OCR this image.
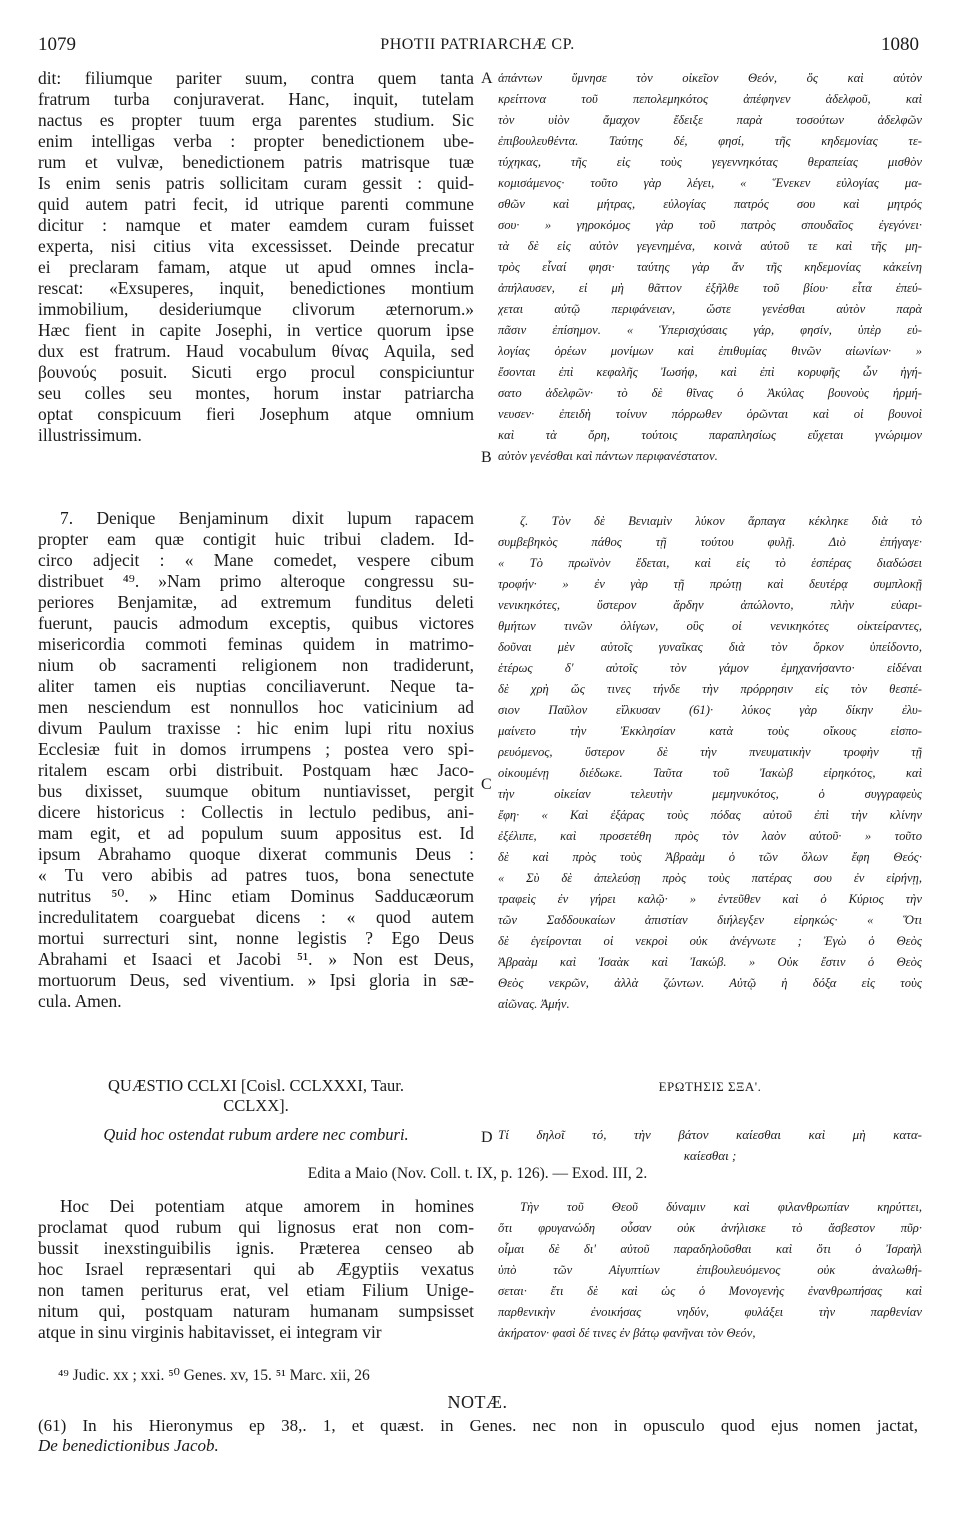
1079	PHOTII PATRIARCHÆ CP.	1080
dit: filiumque pariter suum, contra quem tanta
fratrum turba conjuraverat. Hanc, inquit, tutelam
nactus es propter tuum erga parentes studium. Sic
enim intelligas verba : propter benedictionem ube-
rum et vulvæ, benedictionem patris matrisque tuæ
Is enim senis patris sollicitam curam gessit : quid-
quid autem patri fecit, id utrique parenti commune
dicitur : namque et mater eamdem curam fuisset
experta, nisi citius vita excessisset. Deinde precatur
ei preclaram famam, atque ut apud omnes incla-
rescat: «Exsuperes, inquit, benedictiones montium
immobilium, desideriumque clivorum æternorum.»
Hæc fient in capite Josephi, in vertice quorum ipse
dux est fratrum. Haud vocabulum θίνας Aquila, sed
βουνούς posuit. Sicuti ergo procul conspiciuntur
seu colles seu montes, horum instar patriarcha
optat conspicuum fieri Josephum atque omnium
illustrissimum.
ἁπάντων ὕμνησε τὸν οἰκεῖον Θεόν, ὅς καὶ αὐτὸν
κρείττονα τοῦ πεπολεμηκότος ἀπέφηνεν ἀδελφοῦ, καὶ
τὸν υἱὸν ἄμαχον ἔδειξε παρὰ τοσούτων ἀδελφῶν
ἐπιβουλευθέντα. Ταύτης δέ, φησί, τῆς κηδεμονίας τε-
τύχηκας, τῆς εἰς τοὺς γεγεννηκότας θεραπείας μισθὸν
κομισάμενος· τοῦτο γὰρ λέγει, « Ἕνεκεν εὐλογίας μα-
σθῶν καὶ μήτρας, εὐλογίας πατρός σου καὶ μητρός
σου· » γηροκόμος γὰρ τοῦ πατρὸς σπουδαῖος ἐγεγόνει·
τὰ δὲ εἰς αὐτὸν γεγενημένα, κοινὰ αὐτοῦ τε καὶ τῆς μη-
τρὸς εἶναί φησι· ταύτης γὰρ ἄν τῆς κηδεμονίας κἀκείνη
ἀπήλαυσεν, εἰ μὴ θᾶττον ἐξῆλθε τοῦ βίου· εἶτα ἐπεύ-
χεται αὐτῷ περιφάνειαν, ὥστε γενέσθαι αὐτὸν παρὰ
πᾶσιν ἐπίσημον. « Ὑπερισχύσαις γάρ, φησίν, ὑπὲρ εὐ-
λογίας ὀρέων μονίμων καὶ ἐπιθυμίας θινῶν αἰωνίων· »
ἔσονται ἐπὶ κεφαλῆς Ἰωσήφ, καὶ ἐπὶ κορυφῆς ὧν ἡγή-
σατο ἀδελφῶν· τὸ δὲ θῖνας ὁ Ἀκύλας βουνοὺς ἡρμή-
νευσεν· ἐπειδὴ τοίνυν πόρρωθεν ὁρῶνται καὶ οἱ βουνοὶ
καὶ τὰ ὄρη, τούτοις παραπλησίως εὔχεται γνώριμον
αὐτὸν γενέσθαι καὶ πάντων περιφανέστατον.
7. Denique Benjaminum dixit lupum rapacem
propter eam quæ contigit huic tribui cladem. Id-
circo adjecit : « Mane comedet, vespere cibum
distribuet ⁴⁹. »Nam primo alteroque congressu su-
periores Benjamitæ, ad extremum funditus deleti
fuerunt, paucis admodum exceptis, quibus victores
misericordia commoti feminas quidem in matrimo-
nium ob sacramenti religionem non tradiderunt,
aliter tamen eis nuptias conciliaverunt. Neque ta-
men nesciendum est nonnullos hoc vaticinium ad
divum Paulum traxisse : hic enim lupi ritu noxius
Ecclesiæ fuit in domos irrumpens ; postea vero spi-
ritalem escam orbi distribuit. Postquam hæc Jaco-
bus dixisset, suumque obitum nuntiavisset, pergit
dicere historicus : Collectis in lectulo pedibus, ani-
mam egit, et ad populum suum appositus est. Id
ipsum Abrahamo quoque dixerat communis Deus :
« Tu vero abibis ad patres tuos, bona senectute
nutritus ⁵⁰. » Hinc etiam Dominus Sadducæorum
incredulitatem coarguebat dicens : « quod autem
mortui surrecturi sint, nonne legistis ? Ego Deus
Abrahami et Isaaci et Jacobi ⁵¹. » Non est Deus,
mortuorum Deus, sed viventium. » Ipsi gloria in sæ-
cula. Amen.
ζ. Τὸν δὲ Βενιαμὶν λύκον ἅρπαγα κέκληκε διὰ τὸ
συμβεβηκὸς πάθος τῇ τούτου φυλῇ. Διὸ ἐπήγαγε·
« Τὸ πρωϊνὸν ἔδεται, καὶ εἰς τὸ ἑσπέρας διαδώσει
τροφήν· » ἐν γὰρ τῇ πρώτῃ καὶ δευτέρᾳ συμπλοκῇ
νενικηκότες, ὕστερον ἄρδην ἀπώλοντο, πλὴν εὐαρι-
θμήτων τινῶν ὀλίγων, οὓς οἱ νενικηκότες οἰκτείραντες,
δοῦναι μὲν αὐτοῖς γυναῖκας διὰ τὸν ὅρκον ὑπείδοντο,
ἑτέρως δ' αὐτοῖς τὸν γάμον ἐμηχανήσαντο· εἰδέναι
δὲ χρὴ ὥς τινες τήνδε τὴν πρόρρησιν εἰς τὸν θεσπέ-
σιον Παῦλον εἵλκυσαν (61)· λύκος γὰρ δίκην ἐλυ-
μαίνετο τὴν Ἐκκλησίαν κατὰ τοὺς οἴκους εἰσπο-
ρευόμενος, ὕστερον δὲ τὴν πνευματικὴν τροφὴν τῇ
οἰκουμένῃ διέδωκε. Ταῦτα τοῦ Ἰακὼβ εἰρηκότος, καὶ
τὴν οἰκείαν τελευτὴν μεμηνυκότος, ὁ συγγραφεὺς
ἔφη· « Καὶ ἐξάρας τοὺς πόδας αὐτοῦ ἐπὶ τὴν κλίνην
ἐξέλιπε, καὶ προσετέθη πρὸς τὸν λαὸν αὐτοῦ· » τοῦτο
δὲ καὶ πρὸς τοὺς Ἀβραὰμ ὁ τῶν ὅλων ἔφη Θεός·
« Σὺ δὲ ἀπελεύσῃ πρὸς τοὺς πατέρας σου ἐν εἰρήνῃ,
τραφεὶς ἐν γήρει καλῷ· » ἐντεῦθεν καὶ ὁ Κύριος τὴν
τῶν Σαδδουκαίων ἀπιστίαν διήλεγξεν εἰρηκώς· « Ὅτι
δὲ ἐγείρονται οἱ νεκροὶ οὐκ ἀνέγνωτε ; Ἐγὼ ὁ Θεὸς
Ἀβραὰμ καὶ Ἰσαὰκ καὶ Ἰακώβ. » Οὐκ ἔστιν ὁ Θεὸς
Θεὸς νεκρῶν, ἀλλὰ ζώντων. Αὐτῷ ἡ δόξα εἰς τοὺς
αἰῶνας. Ἀμήν.
A
B
C
D
QUÆSTIO CCLXI [Coisl. CCLXXXI, Taur.
CCLXX].
ΕΡΩΤΗΣΙΣ ΣΞΑ'.
Quid hoc ostendat rubum ardere nec comburi.	Τί δηλοῖ τό, τὴν βάτον καίεσθαι καὶ μὴ κατα-
καίεσθαι ;
Edita a Maio (Nov. Coll. t. IX, p. 126). — Exod. III, 2.
Hoc Dei potentiam atque amorem in homines
proclamat quod rubum qui lignosus erat non com-
bussit inexstinguibilis ignis. Præterea censeo ab
hoc Israel repræsentari qui ab Ægyptiis vexatus
non tamen periturus erat, vel etiam Filium Unige-
nitum qui, postquam naturam humanam sumpsisset
atque in sinu virginis habitavisset, ei integram vir
Τὴν τοῦ Θεοῦ δύναμιν καὶ φιλανθρωπίαν κηρύττει,
ὅτι φρυγανώδη οὖσαν οὐκ ἀνήλισκε τὸ ἄσβεστον πῦρ·
οἶμαι δὲ δι' αὐτοῦ παραδηλοῦσθαι καὶ ὅτι ὁ Ἰσραὴλ
ὑπὸ τῶν Αἰγυπτίων ἐπιβουλευόμενος οὐκ ἀναλωθή-
σεται· ἔτι δὲ καὶ ὡς ὁ Μονογενὴς ἐνανθρωπήσας καὶ
παρθενικὴν ἐνοικήσας νηδύν, φυλάξει τὴν παρθενίαν
ἀκήρατον· φασὶ δέ τινες ἐν βάτῳ φανῆναι τὸν Θεόν,
⁴⁹ Judic. xx ; xxi. ⁵⁰ Genes. xv, 15. ⁵¹ Marc. xii, 26
NOTÆ.
(61) In his Hieronymus ep 38,. 1, et quæst. in Genes. nec non in opusculo quod ejus nomen jactat,
De benedictionibus Jacob.
